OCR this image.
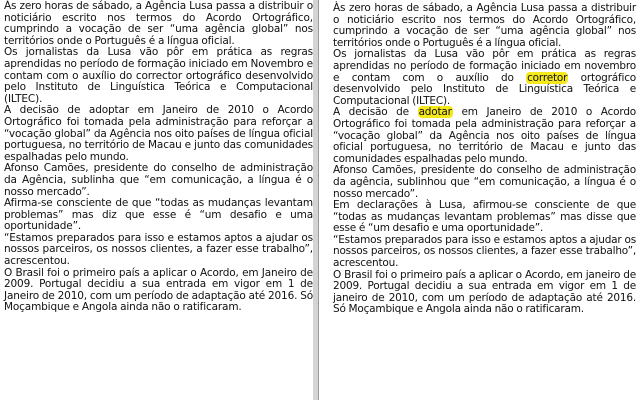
Às zero horas de sábado, a Agência Lusa passa a distribuir o noticiário escrito nos termos do Acordo Ortográfico, cumprindo a vocação de ser “uma agência global” nos territórios onde o Português é a língua oficial.

Os jornalistas da Lusa vão pôr em prática as regras aprendidas no período de formação iniciado em Novembro e contam com o auxílio do corrector ortográfico desenvolvido pelo Instituto de Linguística Teórica e Computacional (ILTEC).

A decisão de adoptar em Janeiro de 2010 o Acordo Ortográfico foi tomada pela administração para reforçar a “vocação global” da Agência nos oito países de língua oficial portuguesa, no território de Macau e junto das comunidades espalhadas pelo mundo.

Afonso Camões, presidente do conselho de administração da Agência, sublinha que “em comunicação, a língua é o nosso mercado”.

Afirma-se consciente de que “todas as mudanças levantam problemas” mas diz que esse é “um desafio e uma oportunidade”.

“Estamos preparados para isso e estamos aptos a ajudar os nossos parceiros, os nossos clientes, a fazer esse trabalho”, acrescentou.

O Brasil foi o primeiro país a aplicar o Acordo, em Janeiro de 2009. Portugal decidiu a sua entrada em vigor em 1 de Janeiro de 2010, com um período de adaptação até 2016. Só Moçambique e Angola ainda não o ratificaram.

Às zero horas de sábado, a Agência Lusa passa a distribuir o noticiário escrito nos termos do Acordo Ortográfico, cumprindo a vocação de ser “uma agência global” nos territórios onde o Português é a língua oficial.

Os jornalistas da Lusa vão pôr em prática as regras aprendidas no período de formação iniciado em novembro e contam com o auxílio do corretor ortográfico desenvolvido pelo Instituto de Linguística Teórica e Computacional (ILTEC).

A decisão de adotar em Janeiro de 2010 o Acordo Ortográfico foi tomada pela administração para reforçar a “vocação global” da Agência nos oito países de língua oficial portuguesa, no território de Macau e junto das comunidades espalhadas pelo mundo.

Afonso Camões, presidente do conselho de administração da agência, sublinhou que “em comunicação, a língua é o nosso mercado”.

Em declarações à Lusa, afirmou-se consciente de que “todas as mudanças levantam problemas” mas disse que esse é “um desafio e uma oportunidade”.

“Estamos preparados para isso e estamos aptos a ajudar os nossos parceiros, os nossos clientes, a fazer esse trabalho”, acrescentou.

O Brasil foi o primeiro país a aplicar o Acordo, em janeiro de 2009. Portugal decidiu a sua entrada em vigor em 1 de janeiro de 2010, com um período de adaptação até 2016. Só Moçambique e Angola ainda não o ratificaram.
